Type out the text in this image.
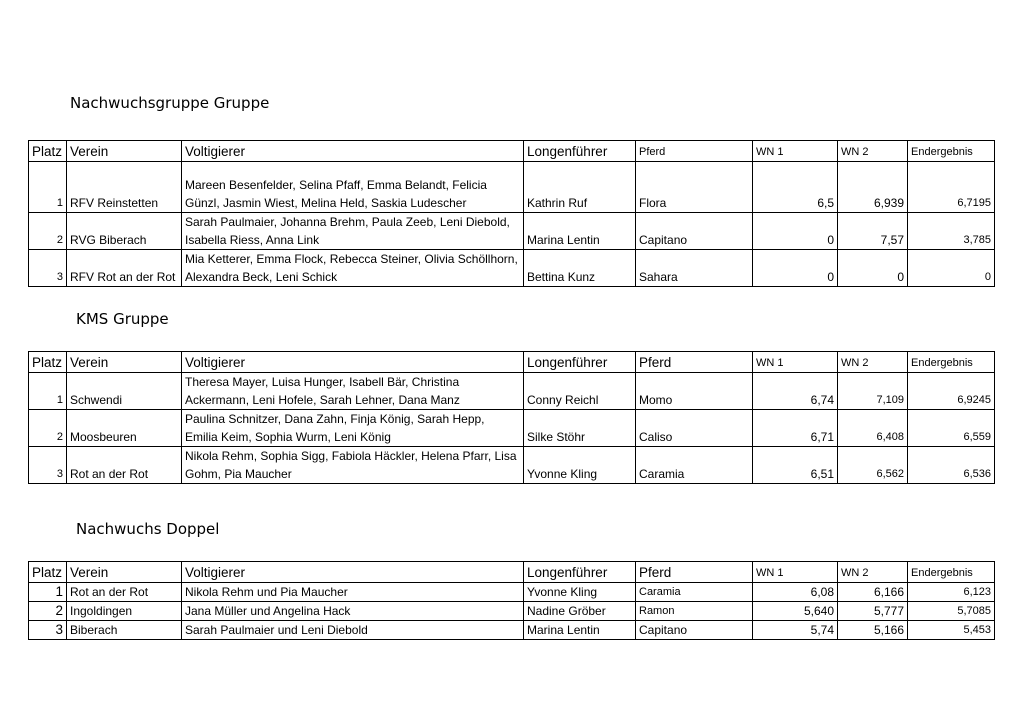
Nachwuchsgruppe Gruppe
Platz	Verein	Voltigierer	Longenführer	Pferd	WN 1	WN 2	Endergebnis
1	RFV Reinstetten	Mareen Besenfelder, Selina Pfaff, Emma Belandt, Felicia Günzl, Jasmin Wiest, Melina Held, Saskia Ludescher	Kathrin Ruf	Flora	6,5	6,939	6,7195
2	RVG Biberach	Sarah Paulmaier, Johanna Brehm, Paula Zeeb, Leni Diebold, Isabella Riess, Anna Link	Marina Lentin	Capitano	0	7,57	3,785
3	RFV Rot an der Rot	Mia Ketterer, Emma Flock, Rebecca Steiner, Olivia Schöllhorn, Alexandra Beck, Leni Schick	Bettina Kunz	Sahara	0	0	0
KMS Gruppe
Platz	Verein	Voltigierer	Longenführer	Pferd	WN 1	WN 2	Endergebnis
1	Schwendi	Theresa Mayer, Luisa Hunger, Isabell Bär, Christina Ackermann, Leni Hofele, Sarah Lehner, Dana Manz	Conny Reichl	Momo	6,74	7,109	6,9245
2	Moosbeuren	Paulina Schnitzer, Dana Zahn, Finja König, Sarah Hepp, Emilia Keim, Sophia Wurm, Leni König	Silke Stöhr	Caliso	6,71	6,408	6,559
3	Rot an der Rot	Nikola Rehm, Sophia Sigg, Fabiola Häckler, Helena Pfarr, Lisa Gohm, Pia Maucher	Yvonne Kling	Caramia	6,51	6,562	6,536
Nachwuchs Doppel
Platz	Verein	Voltigierer	Longenführer	Pferd	WN 1	WN 2	Endergebnis
1	Rot an der Rot	Nikola Rehm und Pia Maucher	Yvonne Kling	Caramia	6,08	6,166	6,123
2	Ingoldingen	Jana Müller und Angelina Hack	Nadine Gröber	Ramon	5,640	5,777	5,7085
3	Biberach	Sarah Paulmaier und Leni Diebold	Marina Lentin	Capitano	5,74	5,166	5,453
